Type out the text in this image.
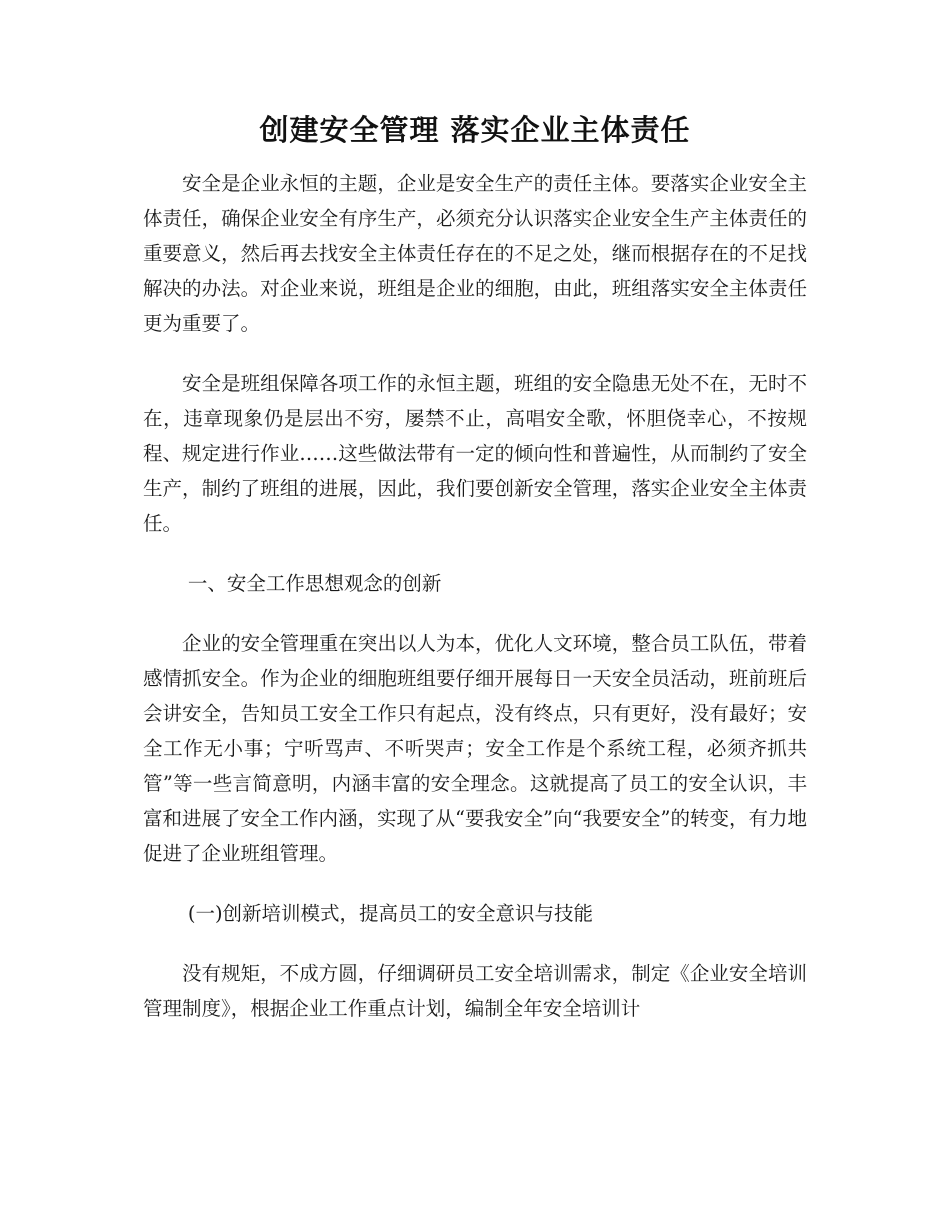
创建安全管理 落实企业主体责任

安全是企业永恒的主题，企业是安全生产的责任主体。要落实企业安全主体责任，确保企业安全有序生产，必须充分认识落实企业安全生产主体责任的重要意义，然后再去找安全主体责任存在的不足之处，继而根据存在的不足找解决的办法。对企业来说，班组是企业的细胞，由此，班组落实安全主体责任更为重要了。

安全是班组保障各项工作的永恒主题，班组的安全隐患无处不在，无时不在，违章现象仍是层出不穷，屡禁不止，高唱安全歌，怀胆侥幸心，不按规程、规定进行作业……这些做法带有一定的倾向性和普遍性，从而制约了安全生产，制约了班组的进展，因此，我们要创新安全管理，落实企业安全主体责任。

一、安全工作思想观念的创新

企业的安全管理重在突出以人为本，优化人文环境，整合员工队伍，带着感情抓安全。作为企业的细胞班组要仔细开展每日一天安全员活动，班前班后会讲安全，告知员工安全工作只有起点，没有终点，只有更好，没有最好；安全工作无小事；宁听骂声、不听哭声；安全工作是个系统工程，必须齐抓共管”等一些言简意明，内涵丰富的安全理念。这就提高了员工的安全认识，丰富和进展了安全工作内涵，实现了从“要我安全”向“我要安全”的转变，有力地促进了企业班组管理。

(一)创新培训模式，提高员工的安全意识与技能

没有规矩，不成方圆，仔细调研员工安全培训需求，制定《企业安全培训管理制度》，根据企业工作重点计划，编制全年安全培训计
